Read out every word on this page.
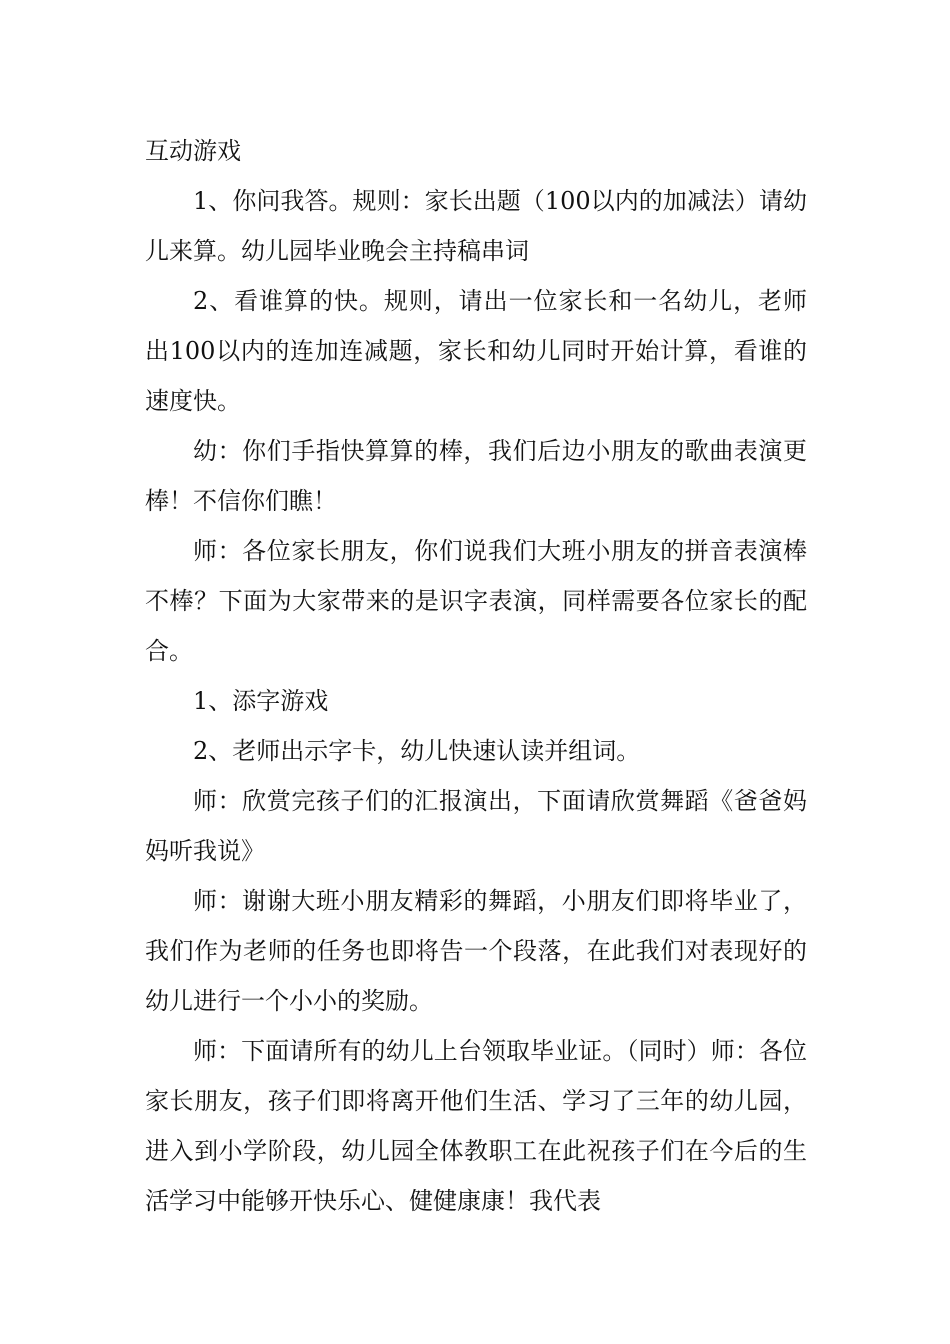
互动游戏

1、你问我答。规则：家长出题（100以内的加减法）请幼儿来算。幼儿园毕业晚会主持稿串词

2、看谁算的快。规则，请出一位家长和一名幼儿，老师出100以内的连加连减题，家长和幼儿同时开始计算，看谁的速度快。

幼：你们手指快算算的棒，我们后边小朋友的歌曲表演更棒！不信你们瞧！

师：各位家长朋友，你们说我们大班小朋友的拼音表演棒不棒？下面为大家带来的是识字表演，同样需要各位家长的配合。

1、添字游戏

2、老师出示字卡，幼儿快速认读并组词。

师：欣赏完孩子们的汇报演出，下面请欣赏舞蹈《爸爸妈妈听我说》

师：谢谢大班小朋友精彩的舞蹈，小朋友们即将毕业了，我们作为老师的任务也即将告一个段落，在此我们对表现好的幼儿进行一个小小的奖励。

师：下面请所有的幼儿上台领取毕业证。（同时）师：各位家长朋友，孩子们即将离开他们生活、学习了三年的幼儿园，进入到小学阶段，幼儿园全体教职工在此祝孩子们在今后的生活学习中能够开快乐心、健健康康！我代表
